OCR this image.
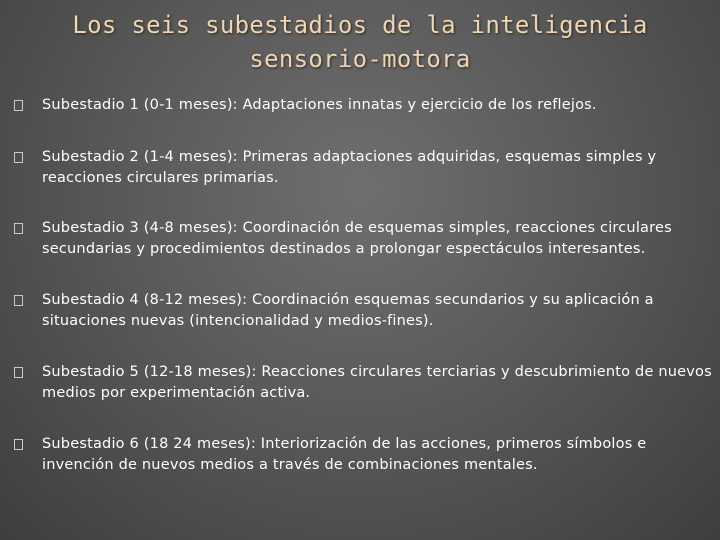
Los seis subestadios de la inteligencia
sensorio-motora
Subestadio 1 (0-1 meses): Adaptaciones innatas y ejercicio de los reflejos.
Subestadio 2 (1-4 meses): Primeras adaptaciones adquiridas, esquemas simples y reacciones circulares primarias.
Subestadio 3 (4-8 meses): Coordinación de esquemas simples, reacciones circulares secundarias y procedimientos destinados a prolongar espectáculos interesantes.
Subestadio 4 (8-12 meses): Coordinación esquemas secundarios y su aplicación a situaciones nuevas (intencionalidad y medios-fines).
Subestadio 5 (12-18 meses): Reacciones circulares terciarias y descubrimiento de nuevos medios por experimentación activa.
Subestadio 6 (18 24 meses): Interiorización de las acciones, primeros símbolos e invención de nuevos medios a través de combinaciones mentales.
